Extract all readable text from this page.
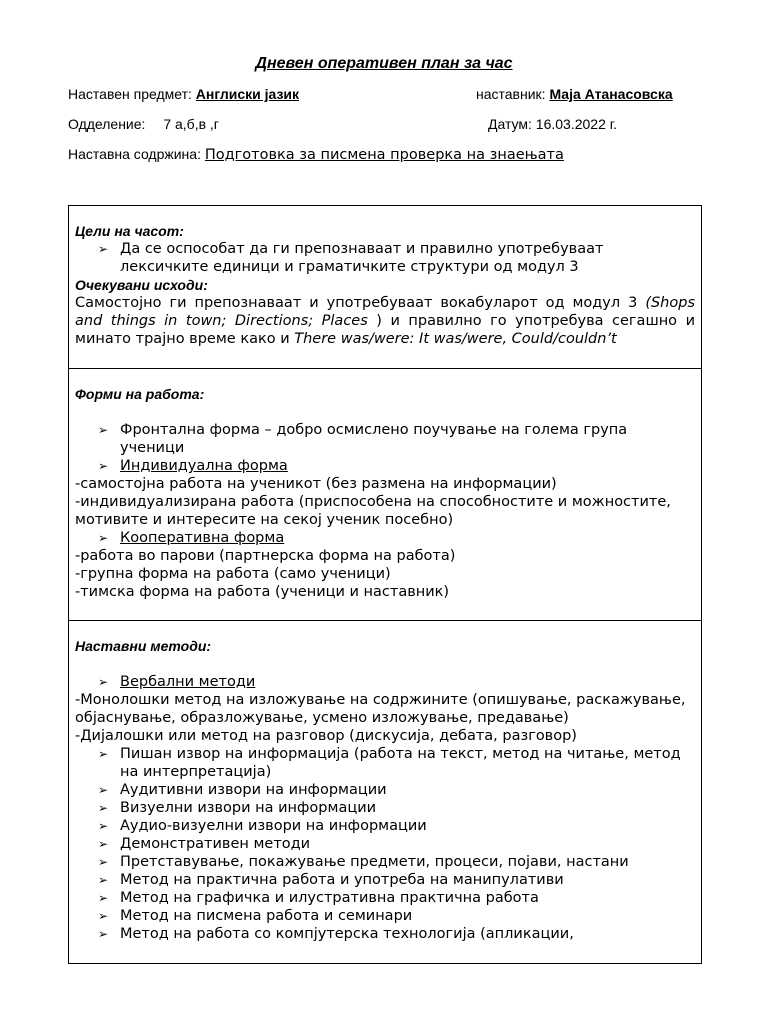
Дневен оперативен план за час
Наставен предмет: Англиски јазик	наставник: Маја Атанасовска
Одделение: 7 а,б,в ,г	Датум: 16.03.2022 г.
Наставна содржина: Подготовка за писмена проверка на знаењата
Цели на часот:
➢ Да се оспособат да ги препознаваат и правилно употребуваат лексичките единици и граматичките структури од модул 3
Очекувани исходи:
Самостојно ги препознаваат и употребуваат вокабуларот од модул 3 (Shops and things in town; Directions; Places ) и правилно го употребува сегашно и минато трајно време како и There was/were: It was/were, Could/couldn’t
Форми на работа:
➢ Фронтална форма – добро осмислено поучување на голема група ученици
➢ Индивидуална форма
-самостојна работа на ученикот (без размена на информации)
-индивидуализирана работа (приспособена на способностите и можностите, мотивите и интересите на секој ученик посебно)
➢ Кооперативна форма
-работа во парови (партнерска форма на работа)
-групна форма на работа (само ученици)
-тимска форма на работа (ученици и наставник)
Наставни методи:
➢ Вербални методи
-Монолошки метод на изложување на содржините (опишување, раскажување, објаснување, образложување, усмено изложување, предавање)
-Дијалошки или метод на разговор (дискусија, дебата, разговор)
➢ Пишан извор на информација (работа на текст, метод на читање, метод на интерпретација)
➢ Аудитивни извори на информации
➢ Визуелни извори на информации
➢ Аудио-визуелни извори на информации
➢ Демонстративен методи
➢ Претставување, покажување предмети, процеси, појави, настани
➢ Метод на практична работа и употреба на манипулативи
➢ Метод на графичка и илустративна практична работа
➢ Метод на писмена работа и семинари
➢ Метод на работа со компјутерска технологија (апликации,
